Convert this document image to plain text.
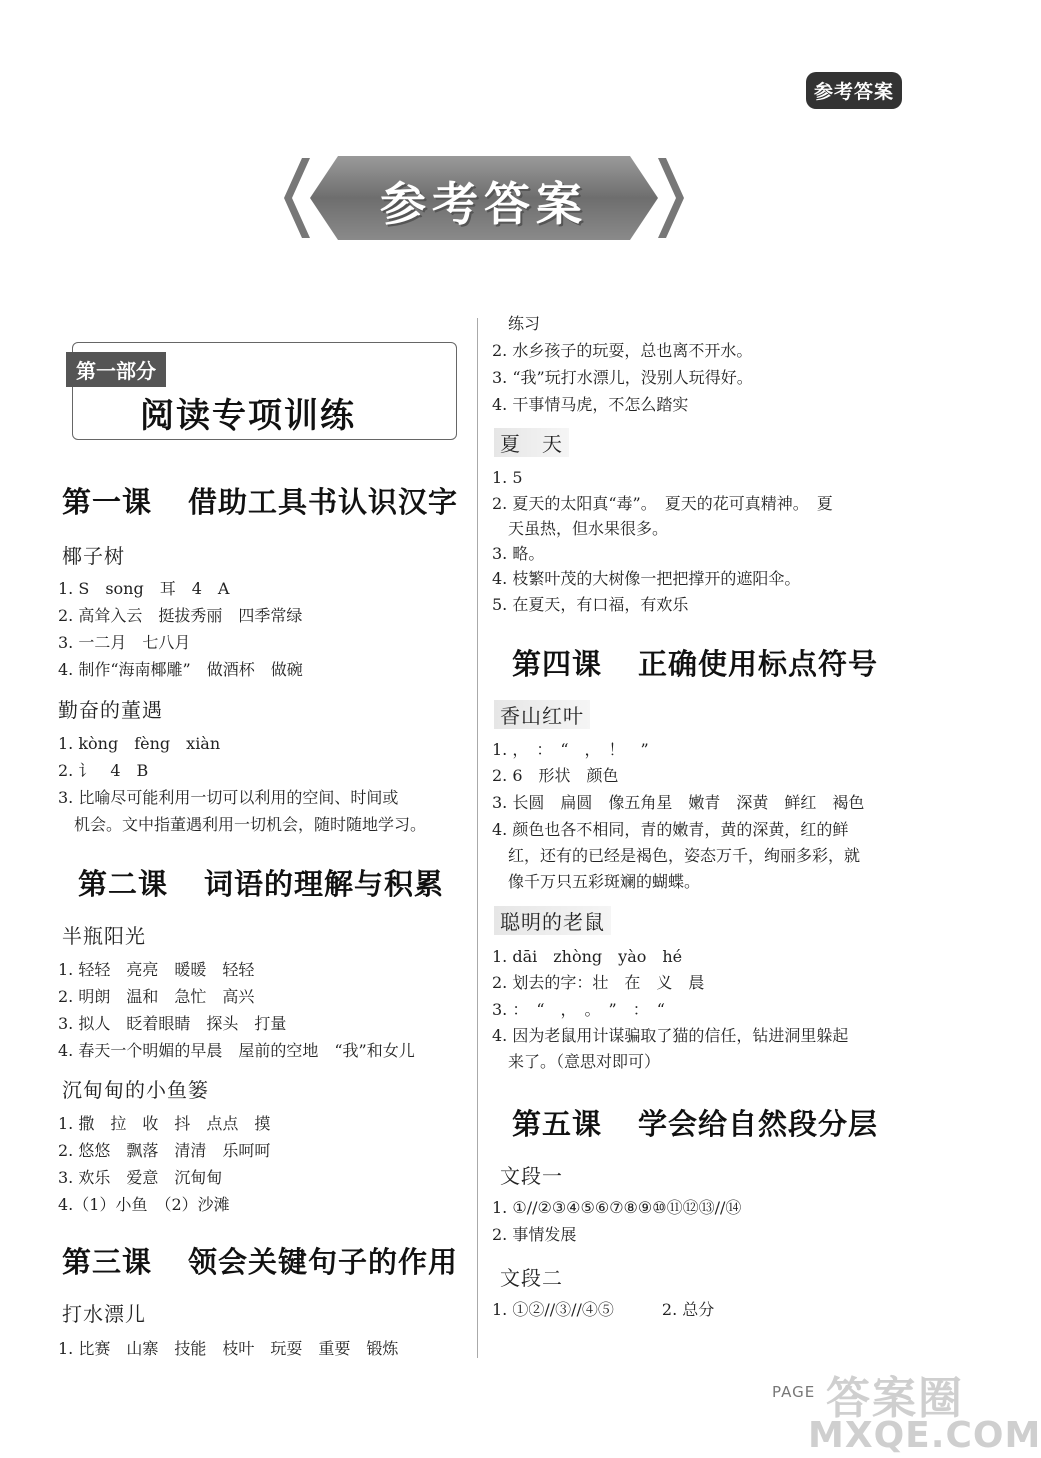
参考答案
参考答案
第一部分
阅读专项训练
第一课 借助工具书认识汉字
椰子树
1. S　song　耳　4　A
2. 高耸入云　挺拔秀丽　四季常绿
3. 一二月　七八月
4. 制作“海南椰雕”　做酒杯　做碗
勤奋的董遇
1. kòng　fèng　xiàn
2. 讠　4　B
3. 比喻尽可能利用一切可以利用的空间、时间或
　机会。文中指董遇利用一切机会，随时随地学习。
第二课 词语的理解与积累
半瓶阳光
1. 轻轻　亮亮　暖暖　轻轻
2. 明朗　温和　急忙　高兴
3. 拟人　眨着眼睛　探头　打量
4. 春天一个明媚的早晨　屋前的空地　“我”和女儿
沉甸甸的小鱼篓
1. 撒　拉　收　抖　点点　摸
2. 悠悠　飘落　清清　乐呵呵
3. 欢乐　爱意　沉甸甸
4.（1）小鱼　（2）沙滩
第三课 领会关键句子的作用
打水漂儿
1. 比赛　山寨　技能　枝叶　玩耍　重要　锻炼
　练习
2. 水乡孩子的玩耍，总也离不开水。
3. “我”玩打水漂儿，没别人玩得好。
4. 干事情马虎，不怎么踏实
夏　天
1. 5
2. 夏天的太阳真“毒”。　夏天的花可真精神。　夏
　天虽热，但水果很多。
3. 略。
4. 枝繁叶茂的大树像一把把撑开的遮阳伞。
5. 在夏天，有口福，有欢乐
第四课 正确使用标点符号
香山红叶
1. ，　：　“　，　！　”
2. 6　形状　颜色
3. 长圆　扁圆　像五角星　嫩青　深黄　鲜红　褐色
4. 颜色也各不相同，青的嫩青，黄的深黄，红的鲜
　红，还有的已经是褐色，姿态万千，绚丽多彩，就
　像千万只五彩斑斓的蝴蝶。
聪明的老鼠
1. dāi　zhòng　yào　hé
2. 划去的字：壮　在　义　晨
3. ：　“　，　。　”　：　“
4. 因为老鼠用计谋骗取了猫的信任，钻进洞里躲起
　来了。（意思对即可）
第五课 学会给自然段分层
文段一
1. ①//②③④⑤⑥⑦⑧⑨⑩⑪⑫⑬//⑭
2. 事情发展
文段二
1. ①②//③//④⑤　　　2. 总分
PAGE 答案圈
MXQE.COM
